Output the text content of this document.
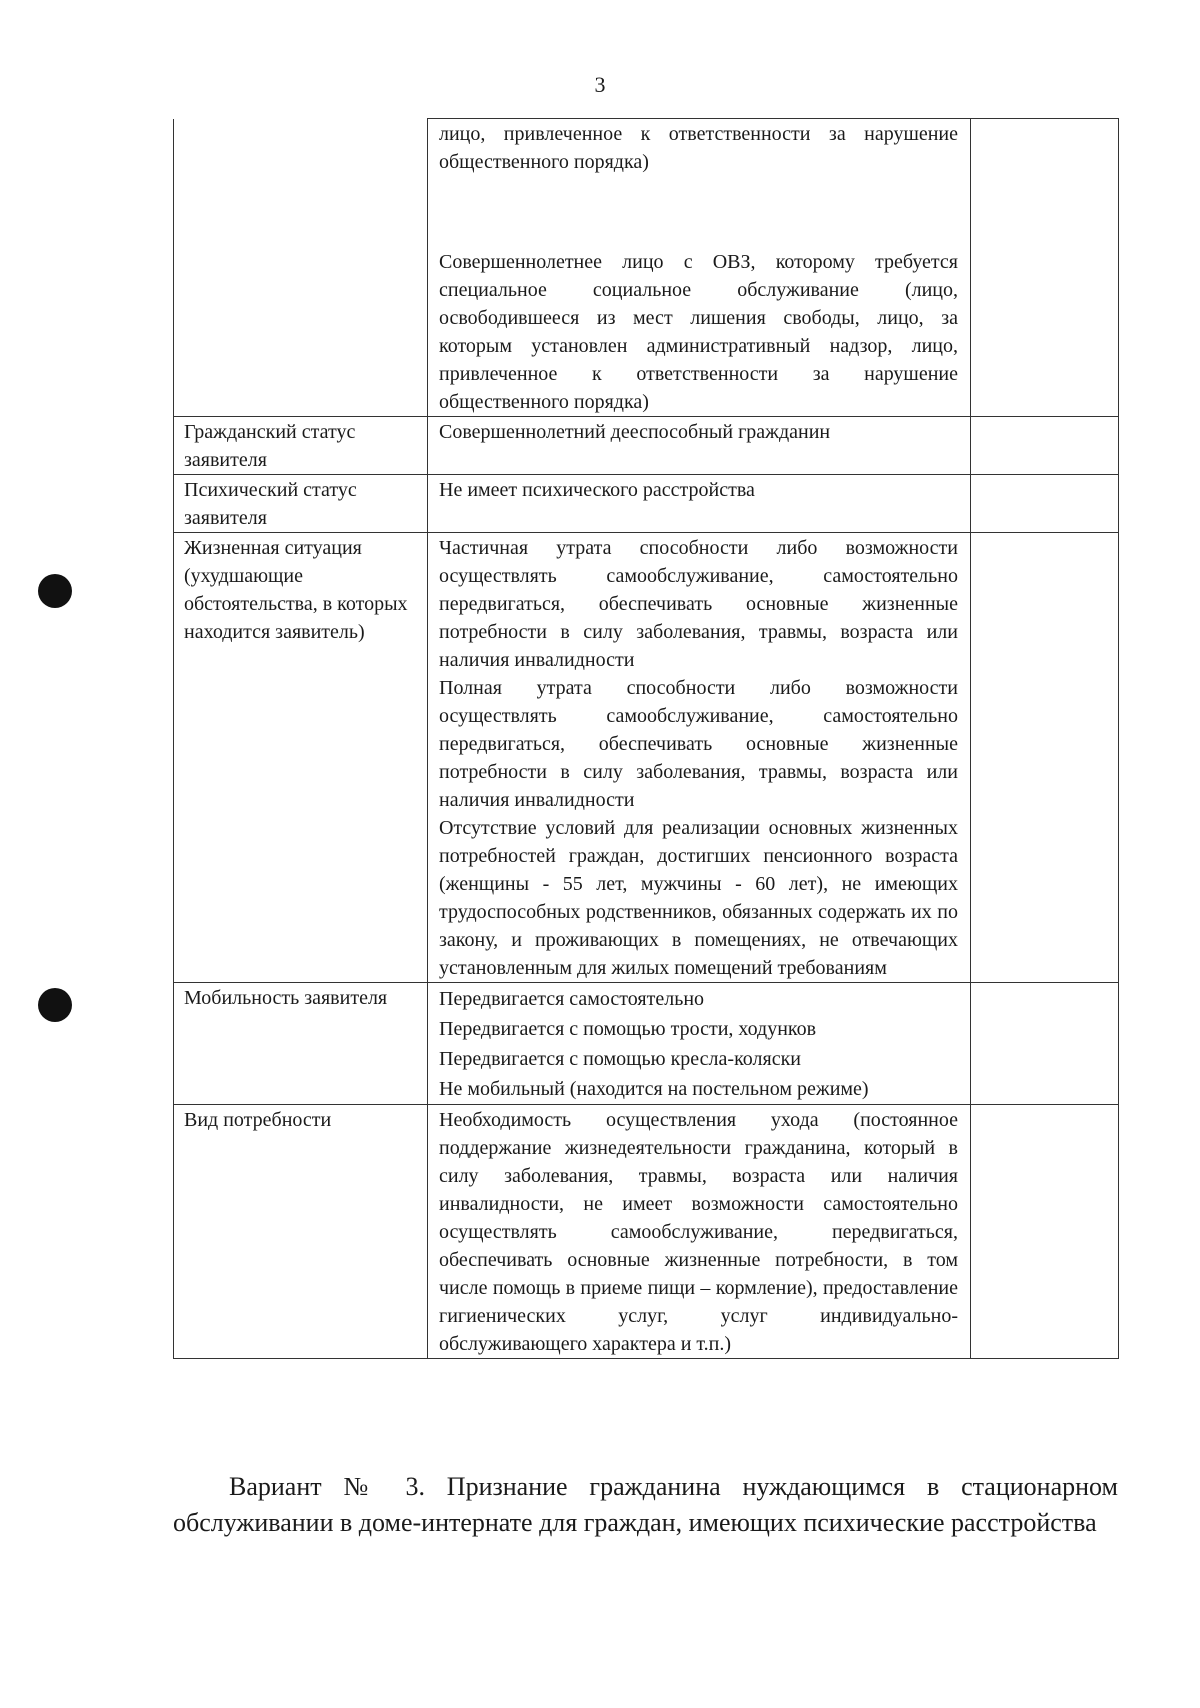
3

	лицо, привлеченное к ответственности за нарушение общественного порядка)
Совершеннолетнее лицо с ОВЗ, которому требуется специальное социальное обслуживание (лицо, освободившееся из мест лишения свободы, лицо, за которым установлен административный надзор, лицо, привлеченное к ответственности за нарушение общественного порядка)	

Гражданский статус заявителя	Совершеннолетний дееспособный гражданин	

Психический статус заявителя	Не имеет психического расстройства	

Жизненная ситуация (ухудшающие обстоятельства, в которых находится заявитель)	Частичная утрата способности либо возможности осуществлять самообслуживание, самостоятельно передвигаться, обеспечивать основные жизненные потребности в силу заболевания, травмы, возраста или наличия инвалидности
Полная утрата способности либо возможности осуществлять самообслуживание, самостоятельно передвигаться, обеспечивать основные жизненные потребности в силу заболевания, травмы, возраста или наличия инвалидности
Отсутствие условий для реализации основных жизненных потребностей граждан, достигших пенсионного возраста (женщины - 55 лет, мужчины - 60 лет), не имеющих трудоспособных родственников, обязанных содержать их по закону, и проживающих в помещениях, не отвечающих установленным для жилых помещений требованиям	

Мобильность заявителя	Передвигается самостоятельно
Передвигается с помощью трости, ходунков
Передвигается с помощью кресла-коляски
Не мобильный (находится на постельном режиме)	

Вид потребности	Необходимость осуществления ухода (постоянное поддержание жизнедеятельности гражданина, который в силу заболевания, травмы, возраста или наличия инвалидности, не имеет возможности самостоятельно осуществлять самообслуживание, передвигаться, обеспечивать основные жизненные потребности, в том числе помощь в приеме пищи – кормление), предоставление гигиенических услуг, услуг индивидуально-обслуживающего характера и т.п.)	

Вариант № 3. Признание гражданина нуждающимся в стационарном обслуживании в доме-интернате для граждан, имеющих психические расстройства
